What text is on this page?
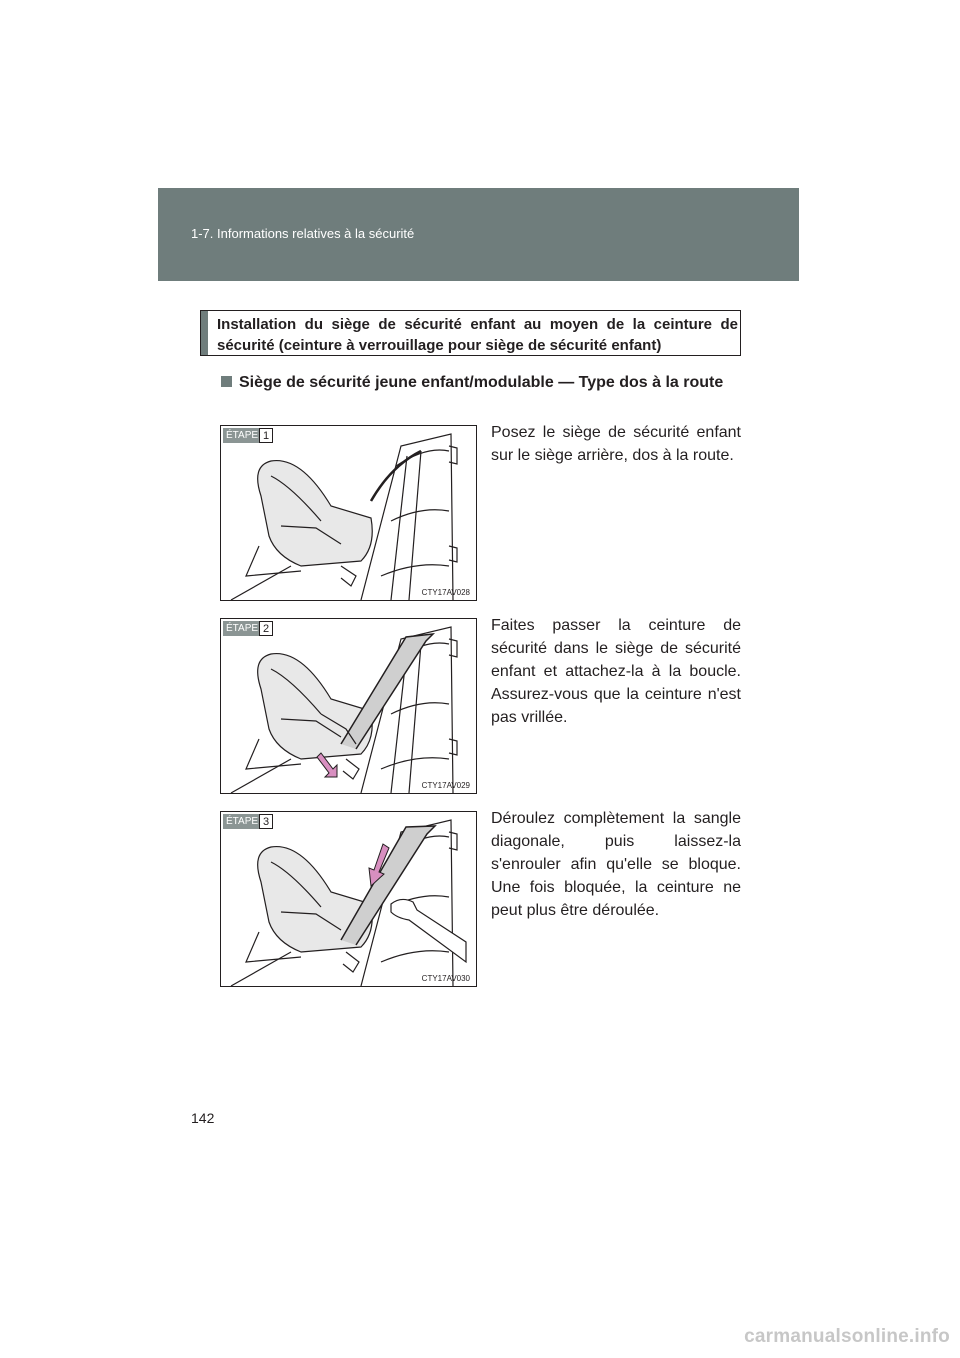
1-7. Informations relatives à la sécurité
Installation du siège de sécurité enfant au moyen de la ceinture de sécurité (ceinture à verrouillage pour siège de sécurité enfant)
Siège de sécurité jeune enfant/modulable — Type dos à la route
ÉTAPE 1
CTY17AV028
Posez le siège de sécurité enfant sur le siège arrière, dos à la route.
ÉTAPE 2
CTY17AV029
Faites passer la ceinture de sécurité dans le siège de sécurité enfant et attachez-la à la boucle. Assurez-vous que la ceinture n'est pas vrillée.
ÉTAPE 3
CTY17AV030
Déroulez complètement la sangle diagonale, puis laissez-la s'enrouler afin qu'elle se bloque. Une fois bloquée, la ceinture ne peut plus être déroulée.
142
carmanualsonline.info
